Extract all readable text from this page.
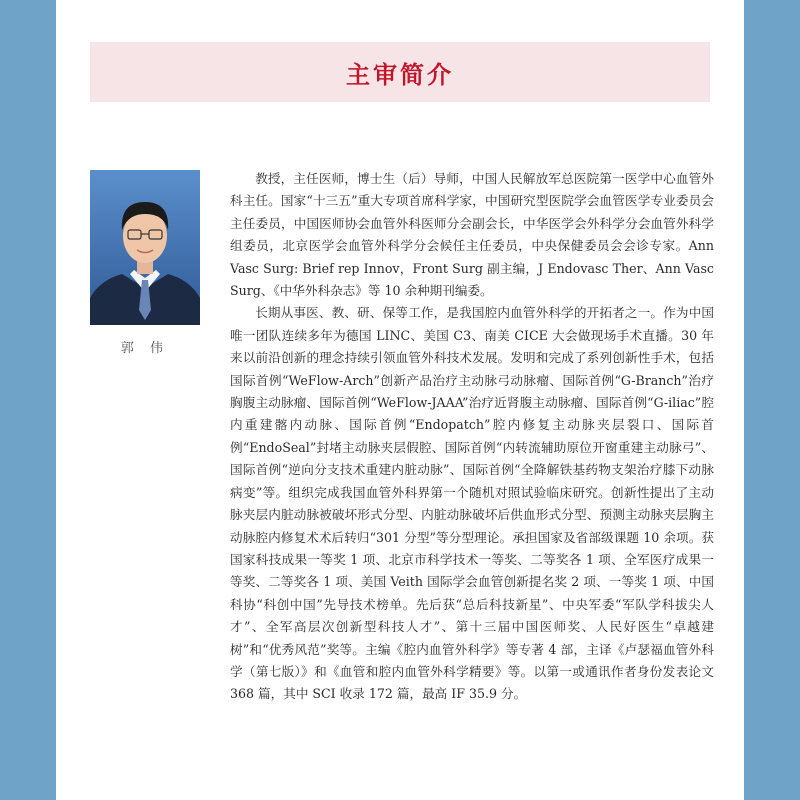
主审简介
郭 伟

教授，主任医师，博士生（后）导师，中国人民解放军总医院第一医学中心血管外科主任。国家“十三五”重大专项首席科学家，中国研究型医院学会血管医学专业委员会主任委员，中国医师协会血管外科医师分会副会长，中华医学会外科学分会血管外科学组委员，北京医学会血管外科学分会候任主任委员，中央保健委员会会诊专家。Ann Vasc Surg: Brief rep Innov，Front Surg 副主编，J Endovasc Ther、Ann Vasc Surg、《中华外科杂志》等 10 余种期刊编委。

长期从事医、教、研、保等工作，是我国腔内血管外科学的开拓者之一。作为中国唯一团队连续多年为德国 LINC、美国 C3、南美 CICE 大会做现场手术直播。30 年来以前沿创新的理念持续引领血管外科技术发展。发明和完成了系列创新性手术，包括国际首例“WeFlow-Arch”创新产品治疗主动脉弓动脉瘤、国际首例“G-Branch”治疗胸腹主动脉瘤、国际首例“WeFlow-JAAA”治疗近肾腹主动脉瘤、国际首例“G-iliac”腔内重建髂内动脉、国际首例“Endopatch”腔内修复主动脉夹层裂口、国际首例“EndoSeal”封堵主动脉夹层假腔、国际首例“内转流辅助原位开窗重建主动脉弓”、国际首例“逆向分支技术重建内脏动脉”、国际首例“全降解铁基药物支架治疗膝下动脉病变”等。组织完成我国血管外科界第一个随机对照试验临床研究。创新性提出了主动脉夹层内脏动脉被破坏形式分型、内脏动脉破坏后供血形式分型、预测主动脉夹层胸主动脉腔内修复术术后转归“301 分型”等分型理论。承担国家及省部级课题 10 余项。获国家科技成果一等奖 1 项、北京市科学技术一等奖、二等奖各 1 项、全军医疗成果一等奖、二等奖各 1 项、美国 Veith 国际学会血管创新提名奖 2 项、一等奖 1 项、中国科协“科创中国”先导技术榜单。先后获“总后科技新星”、中央军委“军队学科拔尖人才”、全军高层次创新型科技人才”、第十三届中国医师奖、人民好医生“卓越建树”和“优秀风范”奖等。主编《腔内血管外科学》等专著 4 部，主译《卢瑟福血管外科学（第七版）》和《血管和腔内血管外科学精要》等。以第一或通讯作者身份发表论文 368 篇，其中 SCI 收录 172 篇，最高 IF 35.9 分。
